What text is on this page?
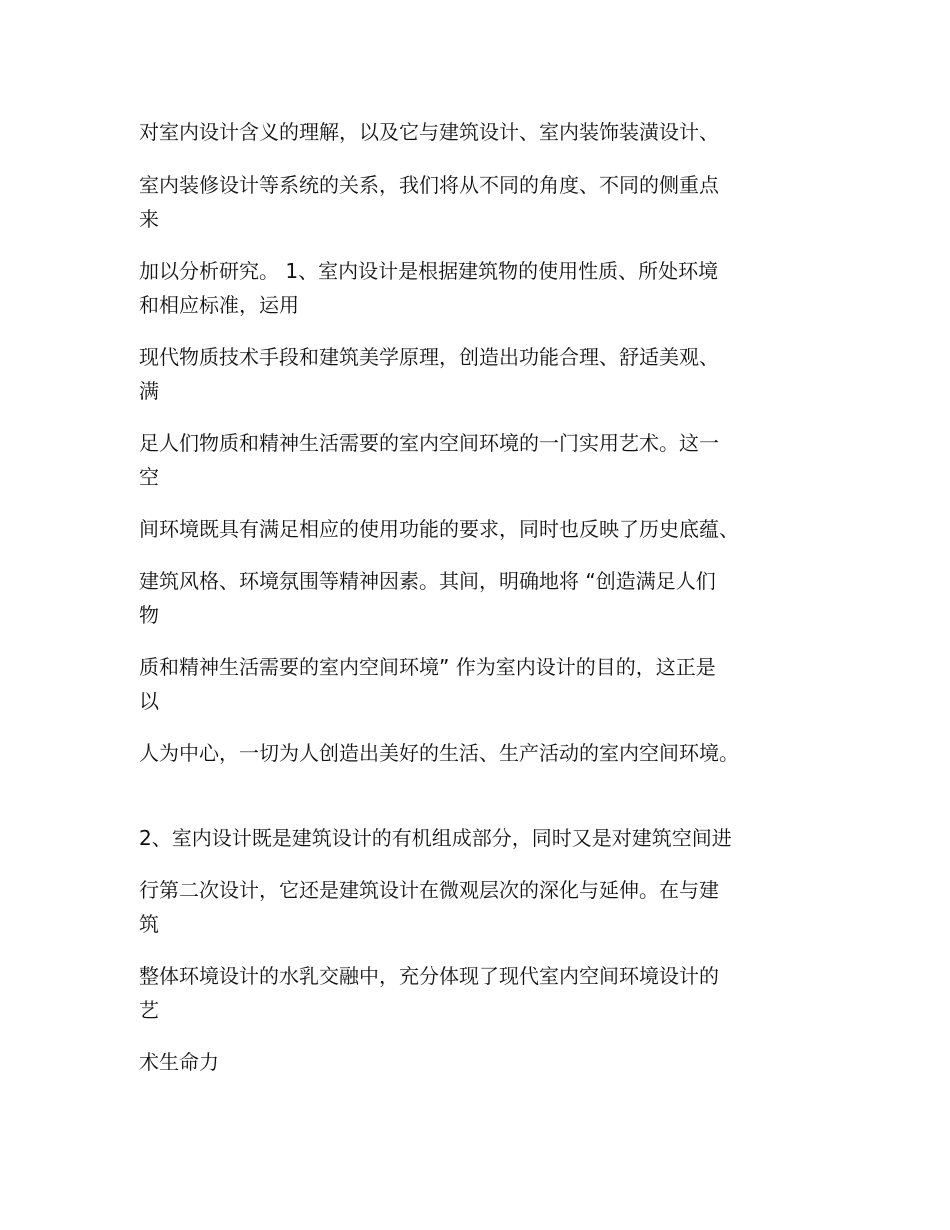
对室内设计含义的理解，以及它与建筑设计、室内装饰装潢设计、

室内装修设计等系统的关系，我们将从不同的角度、不同的侧重点

来

加以分析研究。 1、室内设计是根据建筑物的使用性质、所处环境

和相应标准，运用

现代物质技术手段和建筑美学原理，创造出功能合理、舒适美观、

满

足人们物质和精神生活需要的室内空间环境的一门实用艺术。这一

空

间环境既具有满足相应的使用功能的要求，同时也反映了历史底蕴、

建筑风格、环境氛围等精神因素。其间，明确地将 “创造满足人们

物

质和精神生活需要的室内空间环境” 作为室内设计的目的，这正是

以

人为中心，一切为人创造出美好的生活、生产活动的室内空间环境。

2、室内设计既是建筑设计的有机组成部分，同时又是对建筑空间进

行第二次设计，它还是建筑设计在微观层次的深化与延伸。在与建

筑

整体环境设计的水乳交融中，充分体现了现代室内空间环境设计的

艺

术生命力
